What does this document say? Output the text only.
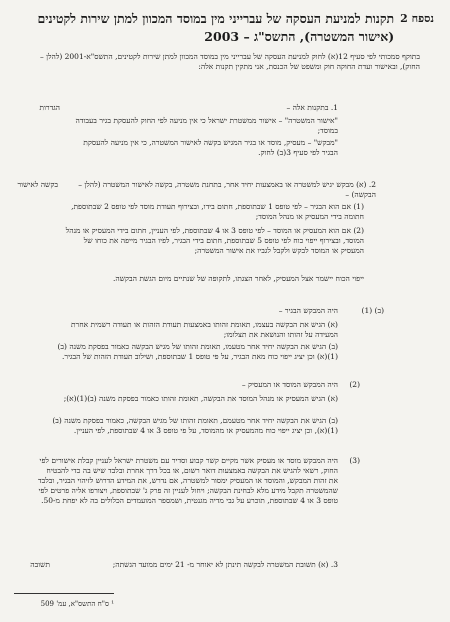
נספח 2
תקנות למניעת העסקה של עברייני מין במוסד המכוון למתן שירות לקטינים (אישור המשטרה), התשס"ג – 2003
בתוקף סמכותי לפי סעיף 12(א) לחוק למניעת העסקה של עברייני מין במוסד המכוון למתן שירות לקטינים, התשס"א-2001 (להלן – החוק), ובאישור ועדת החוקה חוק ומשפט של הכנסת, אני מתקין תקנות אלה:
הגדרות	1. בתקנות אלה –
"אישור המשטרה" – אישור ממשטרת ישראל כי אין מניעה לפי החוק להעסקת בגיר בעבודה במוסד;
"מבקש" – מעסיק, מוסד או בגיר המגיש בקשה לאישור המשטרה, כי אין מניעה להעסקת הבגיר לפי סעיף 3(ב) לחוק.
בקשה לאישור	2. (א) מבקש יגיש למשטרה או באמצעות יחיד אחר, בתחנת משטרה, בקשה לאישור המשטרה (להלן – הבקשה) –
(1) אם הוא הבגיר – לפי טופס 1 שבתוספת, חתום בידו, ובצירוף תעודת מוסד לפי טופס 2 שבתוספת, חתומה בידי המעסיק או מנהל המוסד;
(2) אם הוא המעסיק או המוסד – לפי טופס 3 או 4 שבתוספת, לפי העניין, חתום בידי המעסיק או מנהל המוסד, ובצירוף ייפוי כוח לפי טופס 5 שבתוספת, חתום בידי הבגיר, לפיו הבגיר מייפה את כוחו של המעסיק או המוסד לבקש ולקבל לגביו את אישור המשטרה;
ייפוי הכוח יישמר אצל המעסיק, לאחר הצגתו, לתקופה של שנתיים מיום הגשת הבקשה.
(ב) (1)
היה המבקש הבגיר –
(א) הגיש את הבקשה בעצמו, תאומת זהותו באמצעות תעודת הזהות או תעודה רשמית אחרת המעידה על זהותו והנושאת את תצלומו;
(ב) הגיש את הבקשה יחיד אחר מטעמו, תאומת זהותו של מגיש הבקשה כאמור בפסקת משנה (ב)(1)(א) וכן יציג ייפוי כוח מאת הבגיר, על פי טופס 1 שבתוספת, ושילוב תעודת הזהות של הבגיר.
(2)
היה המבקש המוסד או המעסיק –
(א) הגיש המעסיק או מנהל המוסד את הבקשה, תאומת זהותו כאמור בפסקת משנה (ב)(1)(א);
(ב) הגיש את הבקשה יחיד אחר מטעמם, תאומת זהותו של מגיש הבקשה, כאמור בפסקת משנה (ב)(1)(א), וכן יציג ייפוי כוח מהמעסיק או מהמוסד, על פי טופס 3 או 4 שבתוספת, לפי העניין.
(3)
היה המבקש מוסד או מעסיק אשר מקיים קשר קבוע וסדיר עם משטרת ישראל לעניין קבלת אישורים לפי החוק, רשאי להגיש את הבקשה באמצעות דואר רשום, או בכל דרך אחרת ובלבד שיש בה כדי להבטיח את זהות המבקש, והמוסד או המעסיק ימסור למשטרה, אם נדרש, את המידע הדרוש לזיהוי הבגיר, ובלבד שהמשטרה תקבל מידע מלא לבחינת הבקשה; ויחול לעניין זה פרק ג' שבתוספת, ויצורפו אליה פרטים לפי טופס 3 או 4 שבתוספת, תוכרע על גבי מדיה מגנטית, ושמספר המועמדים הכלולים בה לא יפחת מ-50.
תשובה	3. (א) תשובת המשטרה לבקשה תינתן לא יאוחר מ- 21 ימים ממועד הגשתה;
¹ ס"ח התשס"א, עמ' 509
